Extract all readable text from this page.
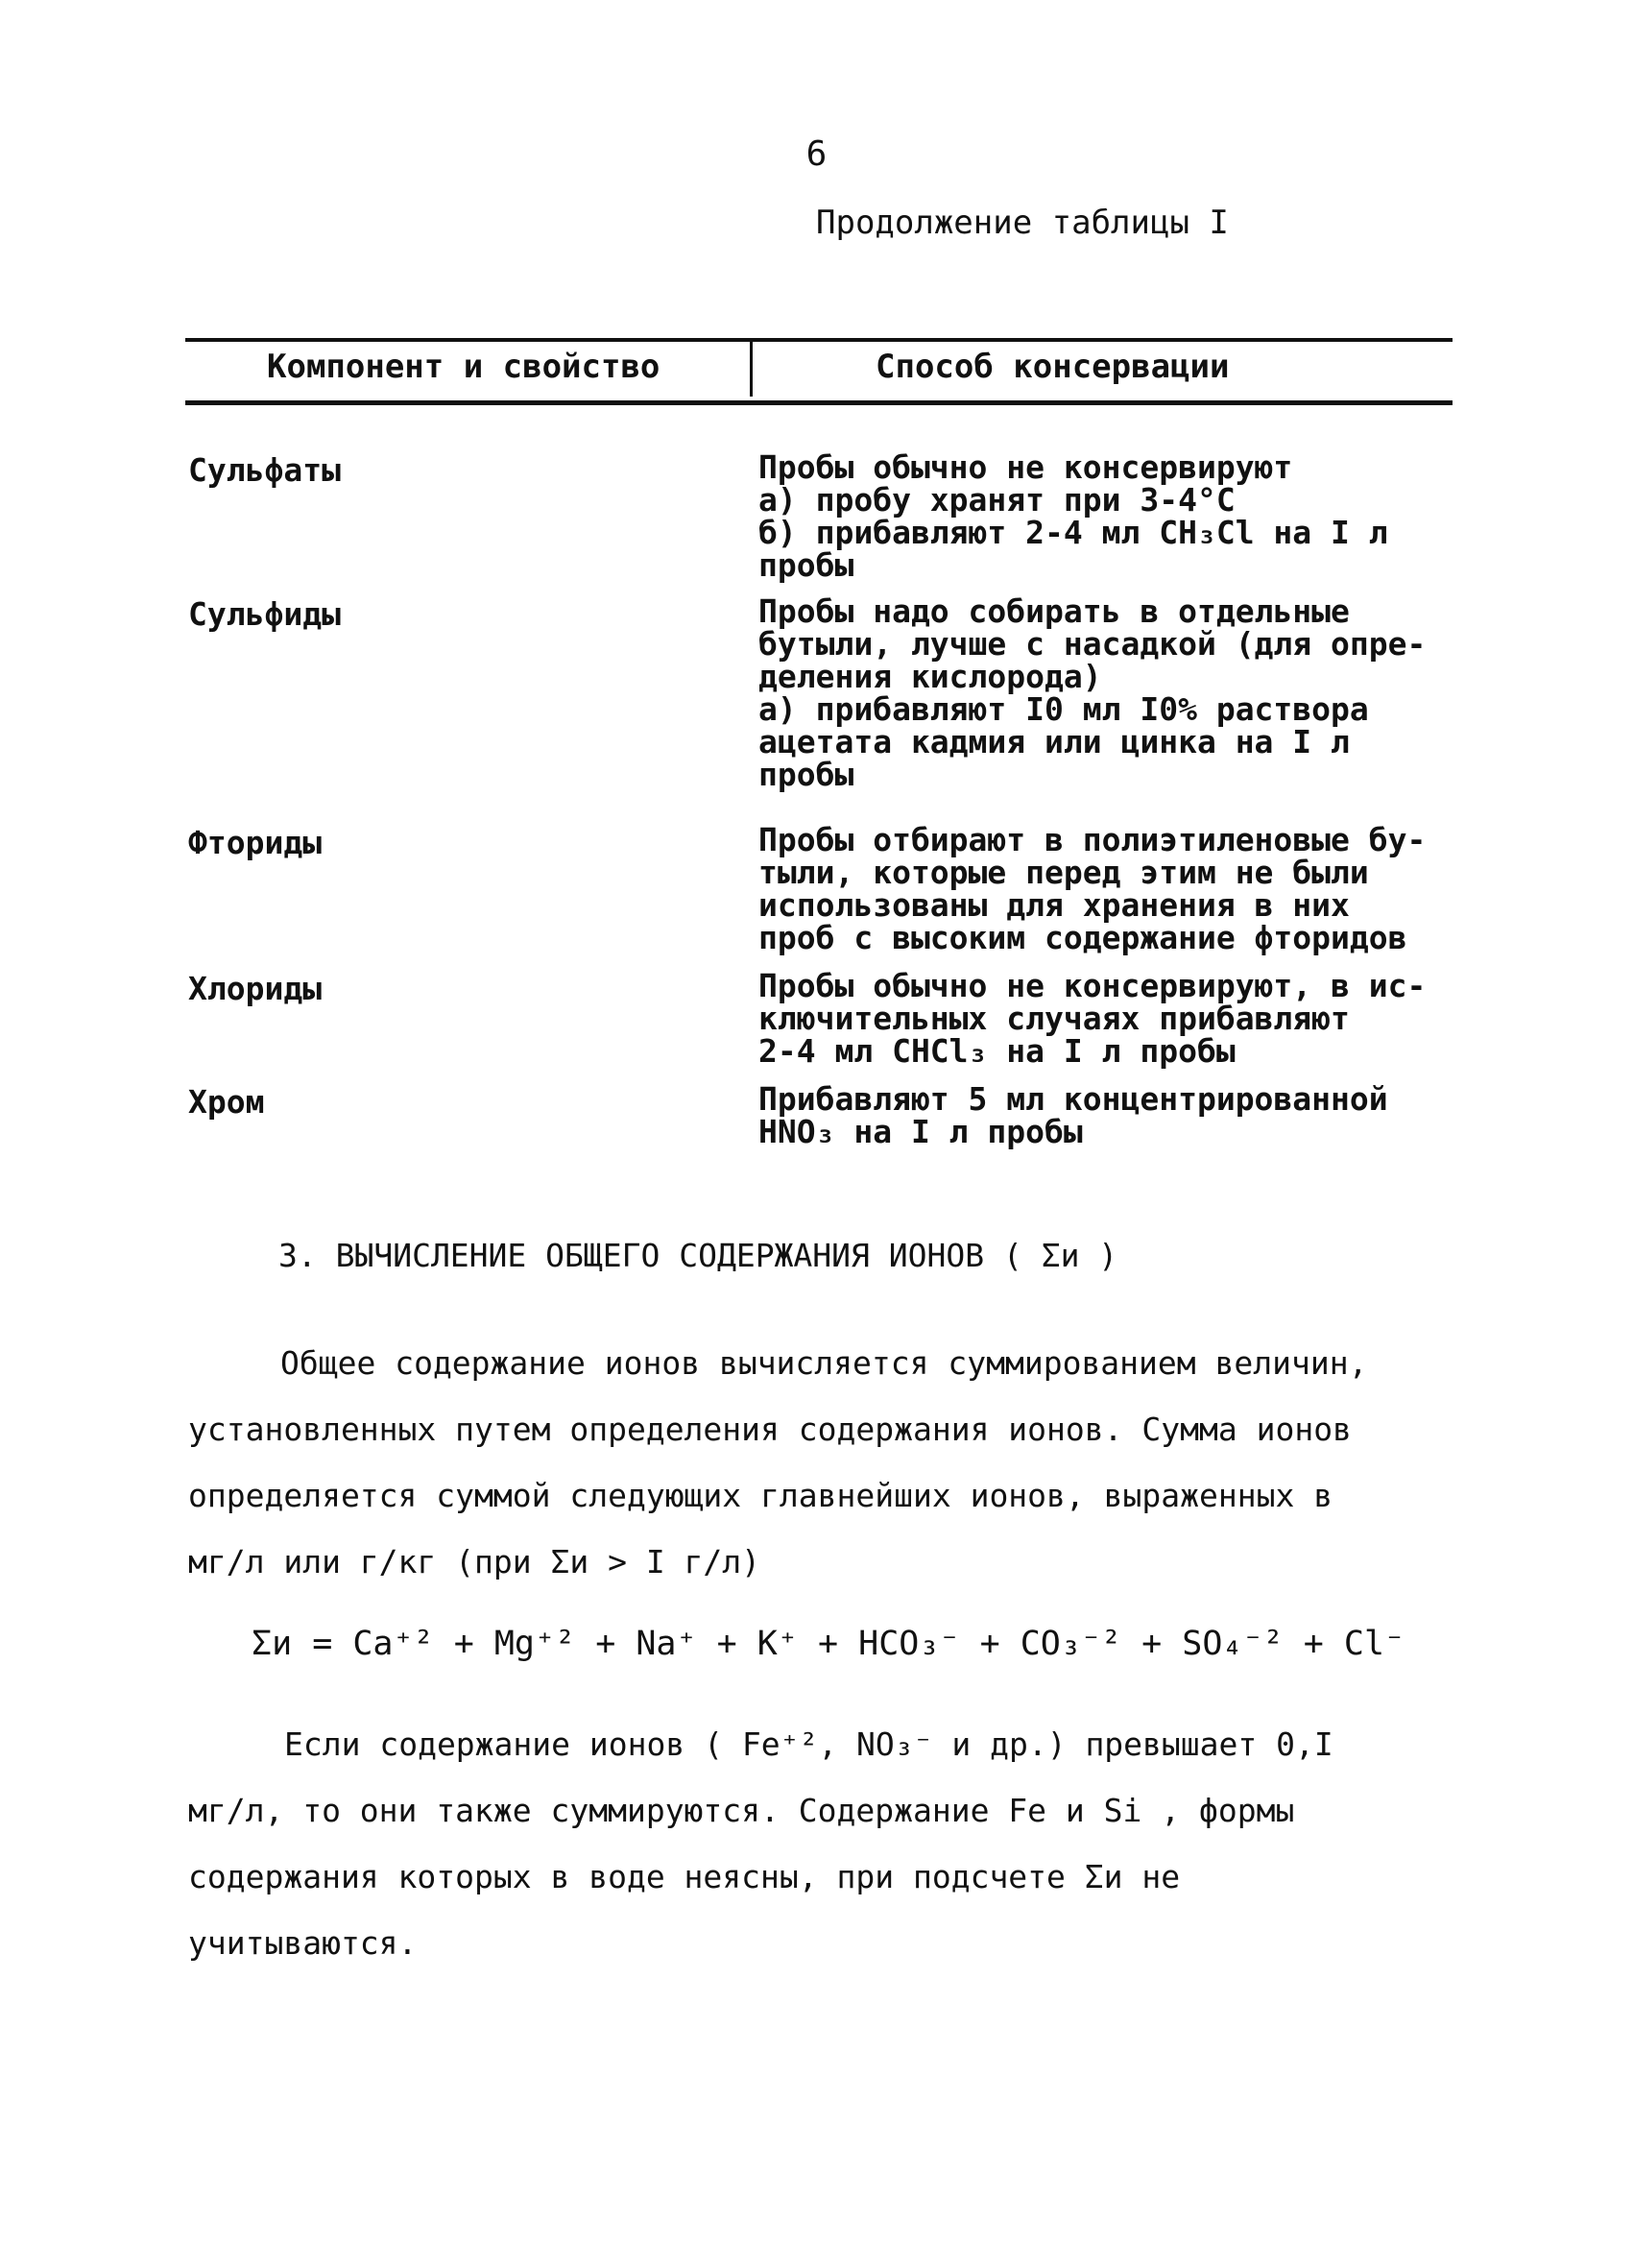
6
Продолжение таблицы I
Компонент и свойство	Способ консервации
Сульфаты	Пробы обычно не консервируют
а) пробу хранят при 3-4°С
б) прибавляют 2-4 мл CH₃Cl на I л
пробы
Сульфиды	Пробы надо собирать в отдельные
бутыли, лучше с насадкой (для опре-
деления кислорода)
а) прибавляют I0 мл I0% раствора
ацетата кадмия или цинка на I л
пробы
Фториды	Пробы отбирают в полиэтиленовые бу-
тыли, которые перед этим не были
использованы для хранения в них
проб с высоким содержание фторидов
Хлориды	Пробы обычно не консервируют, в ис-
ключительных случаях прибавляют
2-4 мл CHCl₃ на I л пробы
Хром	Прибавляют 5 мл концентрированной
HNO₃ на I л пробы
3. ВЫЧИСЛЕНИЕ ОБЩЕГО СОДЕРЖАНИЯ ИОНОВ ( Σи )
Общее содержание ионов вычисляется суммированием величин, установленных путем определения содержания ионов. Сумма ионов определяется суммой следующих главнейших ионов, выраженных в мг/л или г/кг (при Σи > I г/л)
Σи = Ca⁺² + Mg⁺² + Na⁺ + K⁺ + HCO₃⁻ + CO₃⁻² + SO₄⁻² + Cl⁻
Если содержание ионов ( Fe⁺², NO₃⁻ и др.) превышает 0,I мг/л, то они также суммируются. Содержание Fe и Si , формы содержания которых в воде неясны, при подсчете Σи не учитываются.
